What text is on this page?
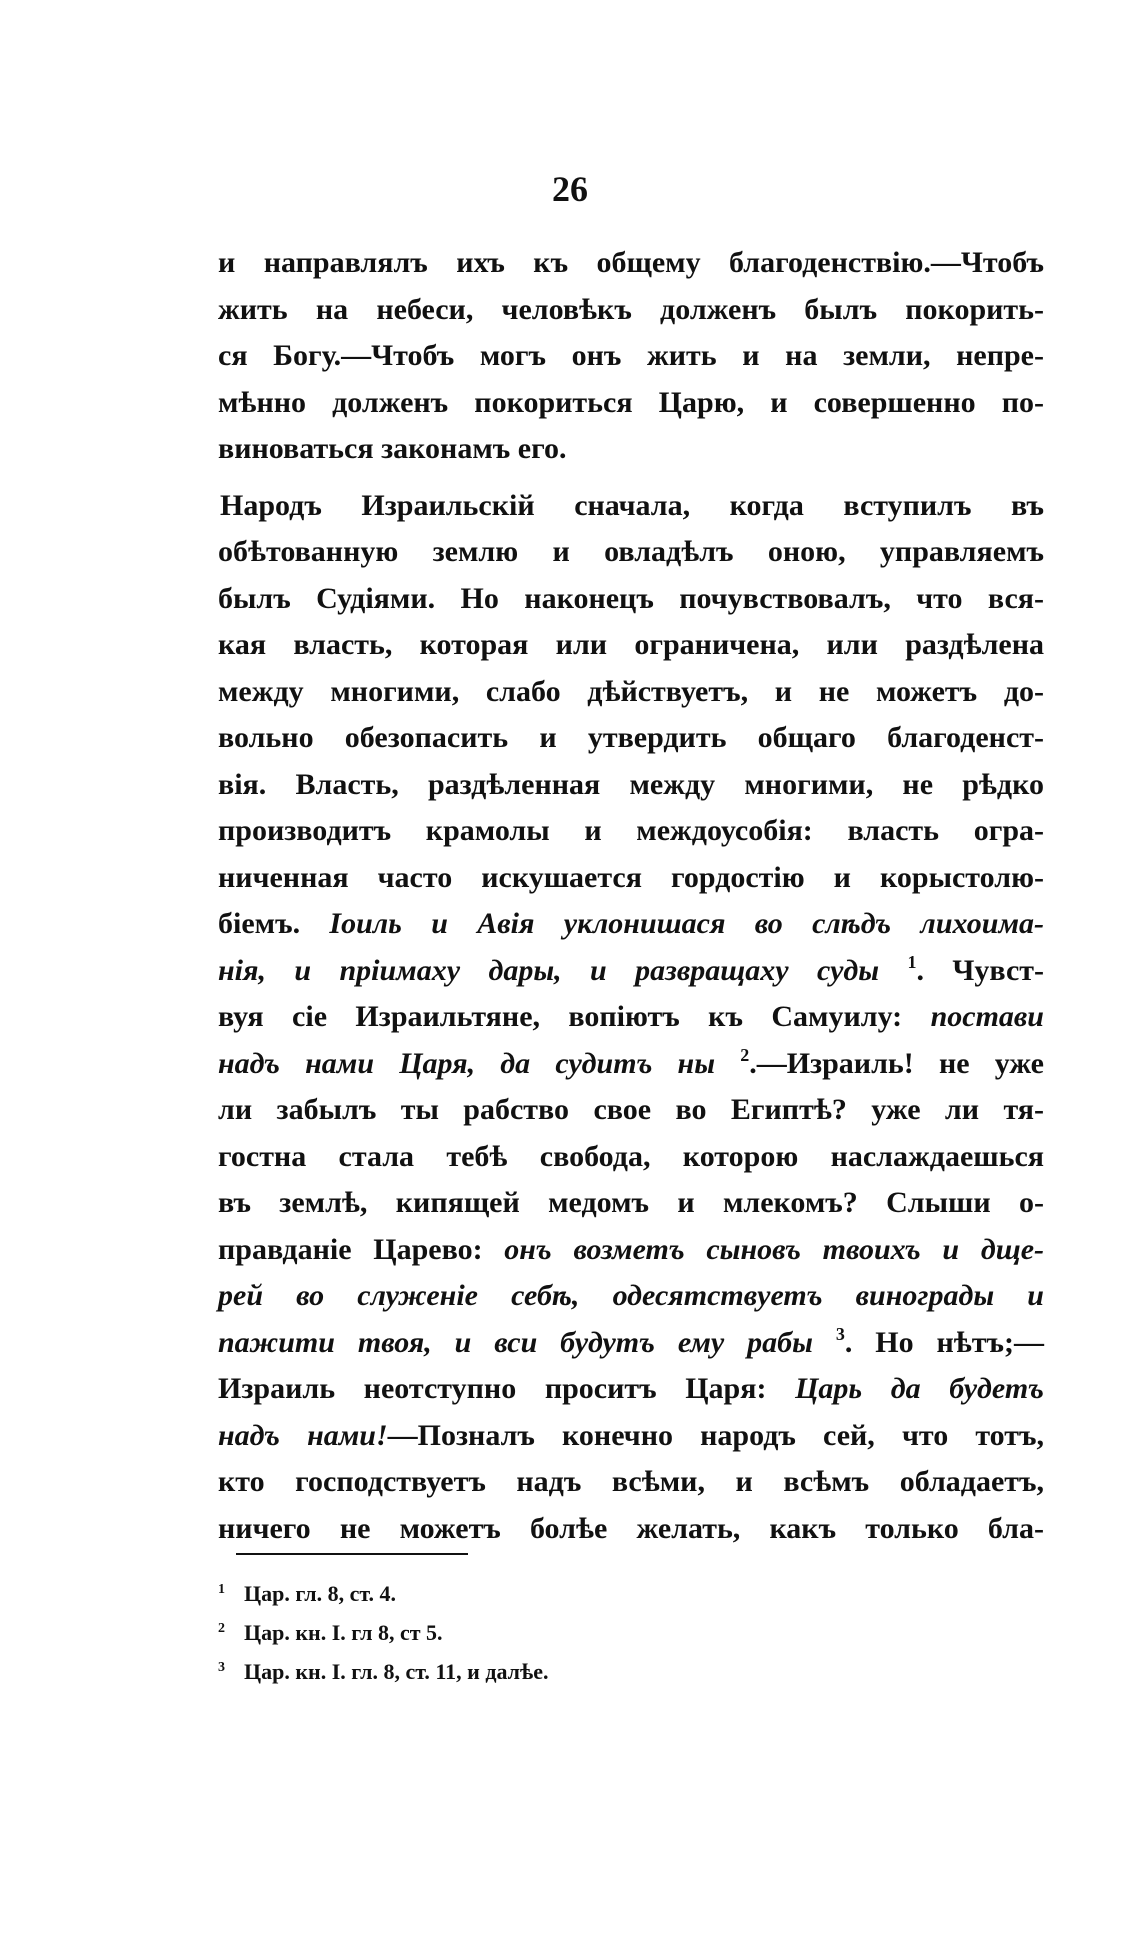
26
и направлялъ ихъ къ общему благоденствію.—Чтобъ
жить на небеси, человѣкъ долженъ былъ покорить-
ся Богу.—Чтобъ могъ онъ жить и на земли, непре-
мѣнно долженъ покориться Царю, и совершенно по-
виноваться законамъ его.
Народъ Израильскій сначала, когда вступилъ въ
обѣтованную землю и овладѣлъ оною, управляемъ
былъ Судіями. Но наконецъ почувствовалъ, что вся-
кая власть, которая или ограничена, или раздѣлена
между многими, слабо дѣйствуетъ, и не можетъ до-
вольно обезопасить и утвердить общаго благоденст-
вія. Власть, раздѣленная между многими, не рѣдко
производитъ крамолы и междоусобія: власть огра-
ниченная часто искушается гордостію и корыстолю-
біемъ. Іоиль и Авія уклонишася во слѣдъ лихоима-
нія, и пріимаху дары, и развращаху суды $^1$. Чувст-
вуя сіе Израильтяне, вопіютъ къ Самуилу: постави
надъ нами Царя, да судитъ ны $^2$.—Израиль! не уже
ли забылъ ты рабство свое во Египтѣ? уже ли тя-
гостна стала тебѣ свобода, которою наслаждаешься
въ землѣ, кипящей медомъ и млекомъ? Слыши о-
правданіе Царево: онъ возметъ сыновъ твоихъ и дще-
рей во служеніе себѣ, одесятствуетъ винограды и
пажити твоя, и вси будутъ ему рабы $^3$. Но нѣтъ;—
Израиль неотступно проситъ Царя: Царь да будетъ
надъ нами!—Позналъ конечно народъ сей, что тотъ,
кто господствуетъ надъ всѣми, и всѣмъ обладаетъ,
ничего не можетъ болѣе желать, какъ только бла-
1 Цар. гл. 8, ст. 4.
2 Цар. кн. I. гл 8, ст 5.
3 Цар. кн. I. гл. 8, ст. 11, и далѣе.
